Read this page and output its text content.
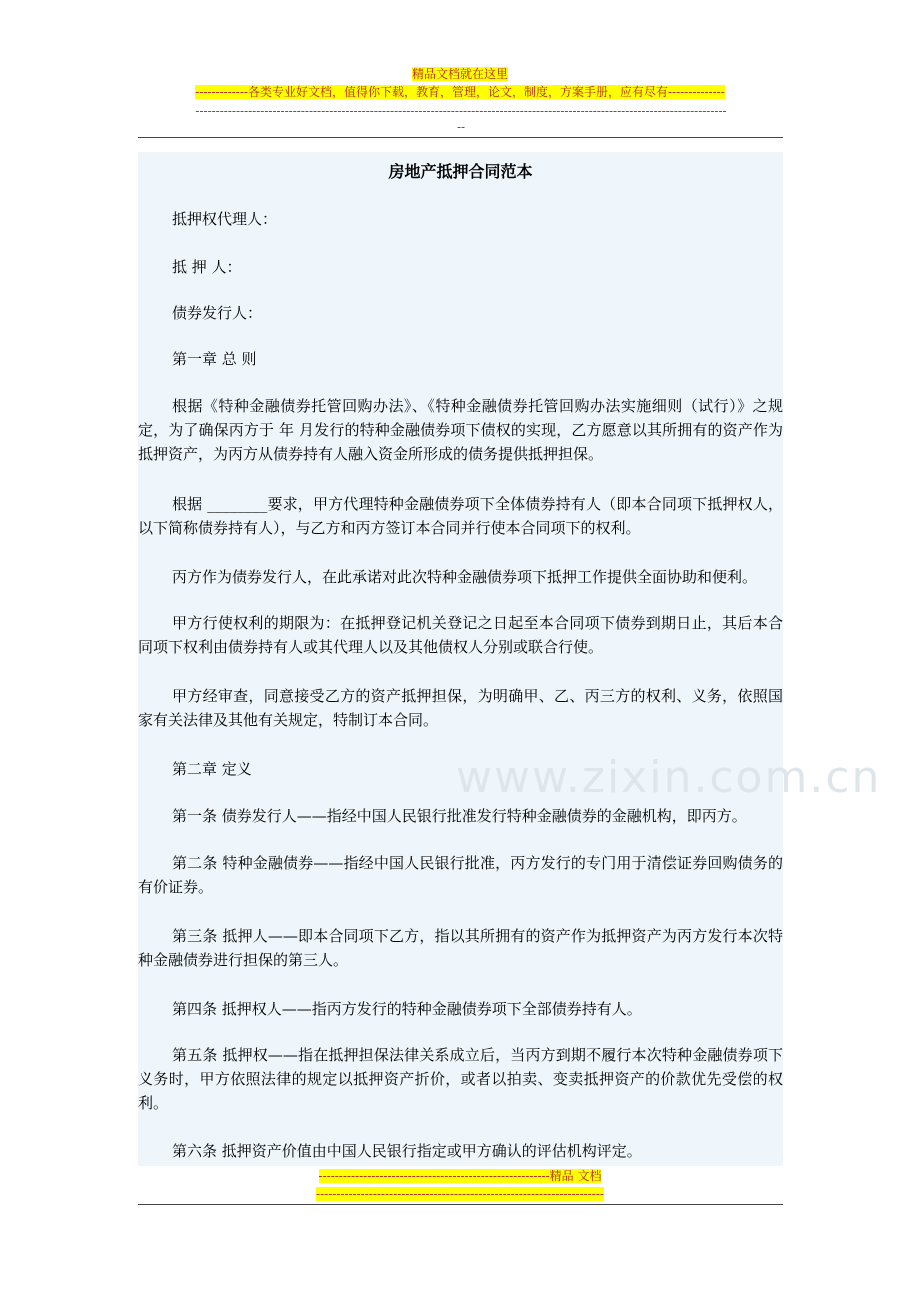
精品文档就在这里
-------------各类专业好文档，值得你下载，教育，管理，论文，制度，方案手册，应有尽有--------------
-----------------------------------------------------------------------------------------------------------------------------------
--
www.zixin.com.cn
房地产抵押合同范本
抵押权代理人：
抵 押 人：
债券发行人：
第一章 总 则
根据《特种金融债券托管回购办法》、《特种金融债券托管回购办法实施细则（试行）》之规定，为了确保丙方于 年 月发行的特种金融债券项下债权的实现，乙方愿意以其所拥有的资产作为抵押资产，为丙方从债券持有人融入资金所形成的债务提供抵押担保。
根据 ________要求，甲方代理特种金融债券项下全体债券持有人（即本合同项下抵押权人，以下简称债券持有人），与乙方和丙方签订本合同并行使本合同项下的权利。
丙方作为债券发行人，在此承诺对此次特种金融债券项下抵押工作提供全面协助和便利。
甲方行使权利的期限为：在抵押登记机关登记之日起至本合同项下债券到期日止，其后本合同项下权利由债券持有人或其代理人以及其他债权人分别或联合行使。
甲方经审查，同意接受乙方的资产抵押担保，为明确甲、乙、丙三方的权利、义务，依照国家有关法律及其他有关规定，特制订本合同。
第二章 定义
第一条 债券发行人——指经中国人民银行批准发行特种金融债券的金融机构，即丙方。
第二条 特种金融债券——指经中国人民银行批准，丙方发行的专门用于清偿证券回购债务的有价证券。
第三条 抵押人——即本合同项下乙方，指以其所拥有的资产作为抵押资产为丙方发行本次特种金融债券进行担保的第三人。
第四条 抵押权人——指丙方发行的特种金融债券项下全部债券持有人。
第五条 抵押权——指在抵押担保法律关系成立后，当丙方到期不履行本次特种金融债券项下义务时，甲方依照法律的规定以抵押资产折价，或者以拍卖、变卖抵押资产的价款优先受偿的权利。
第六条 抵押资产价值由中国人民银行指定或甲方确认的评估机构评定。
---------------------------------------------------------精品 文档
-----------------------------------------------------------------------
